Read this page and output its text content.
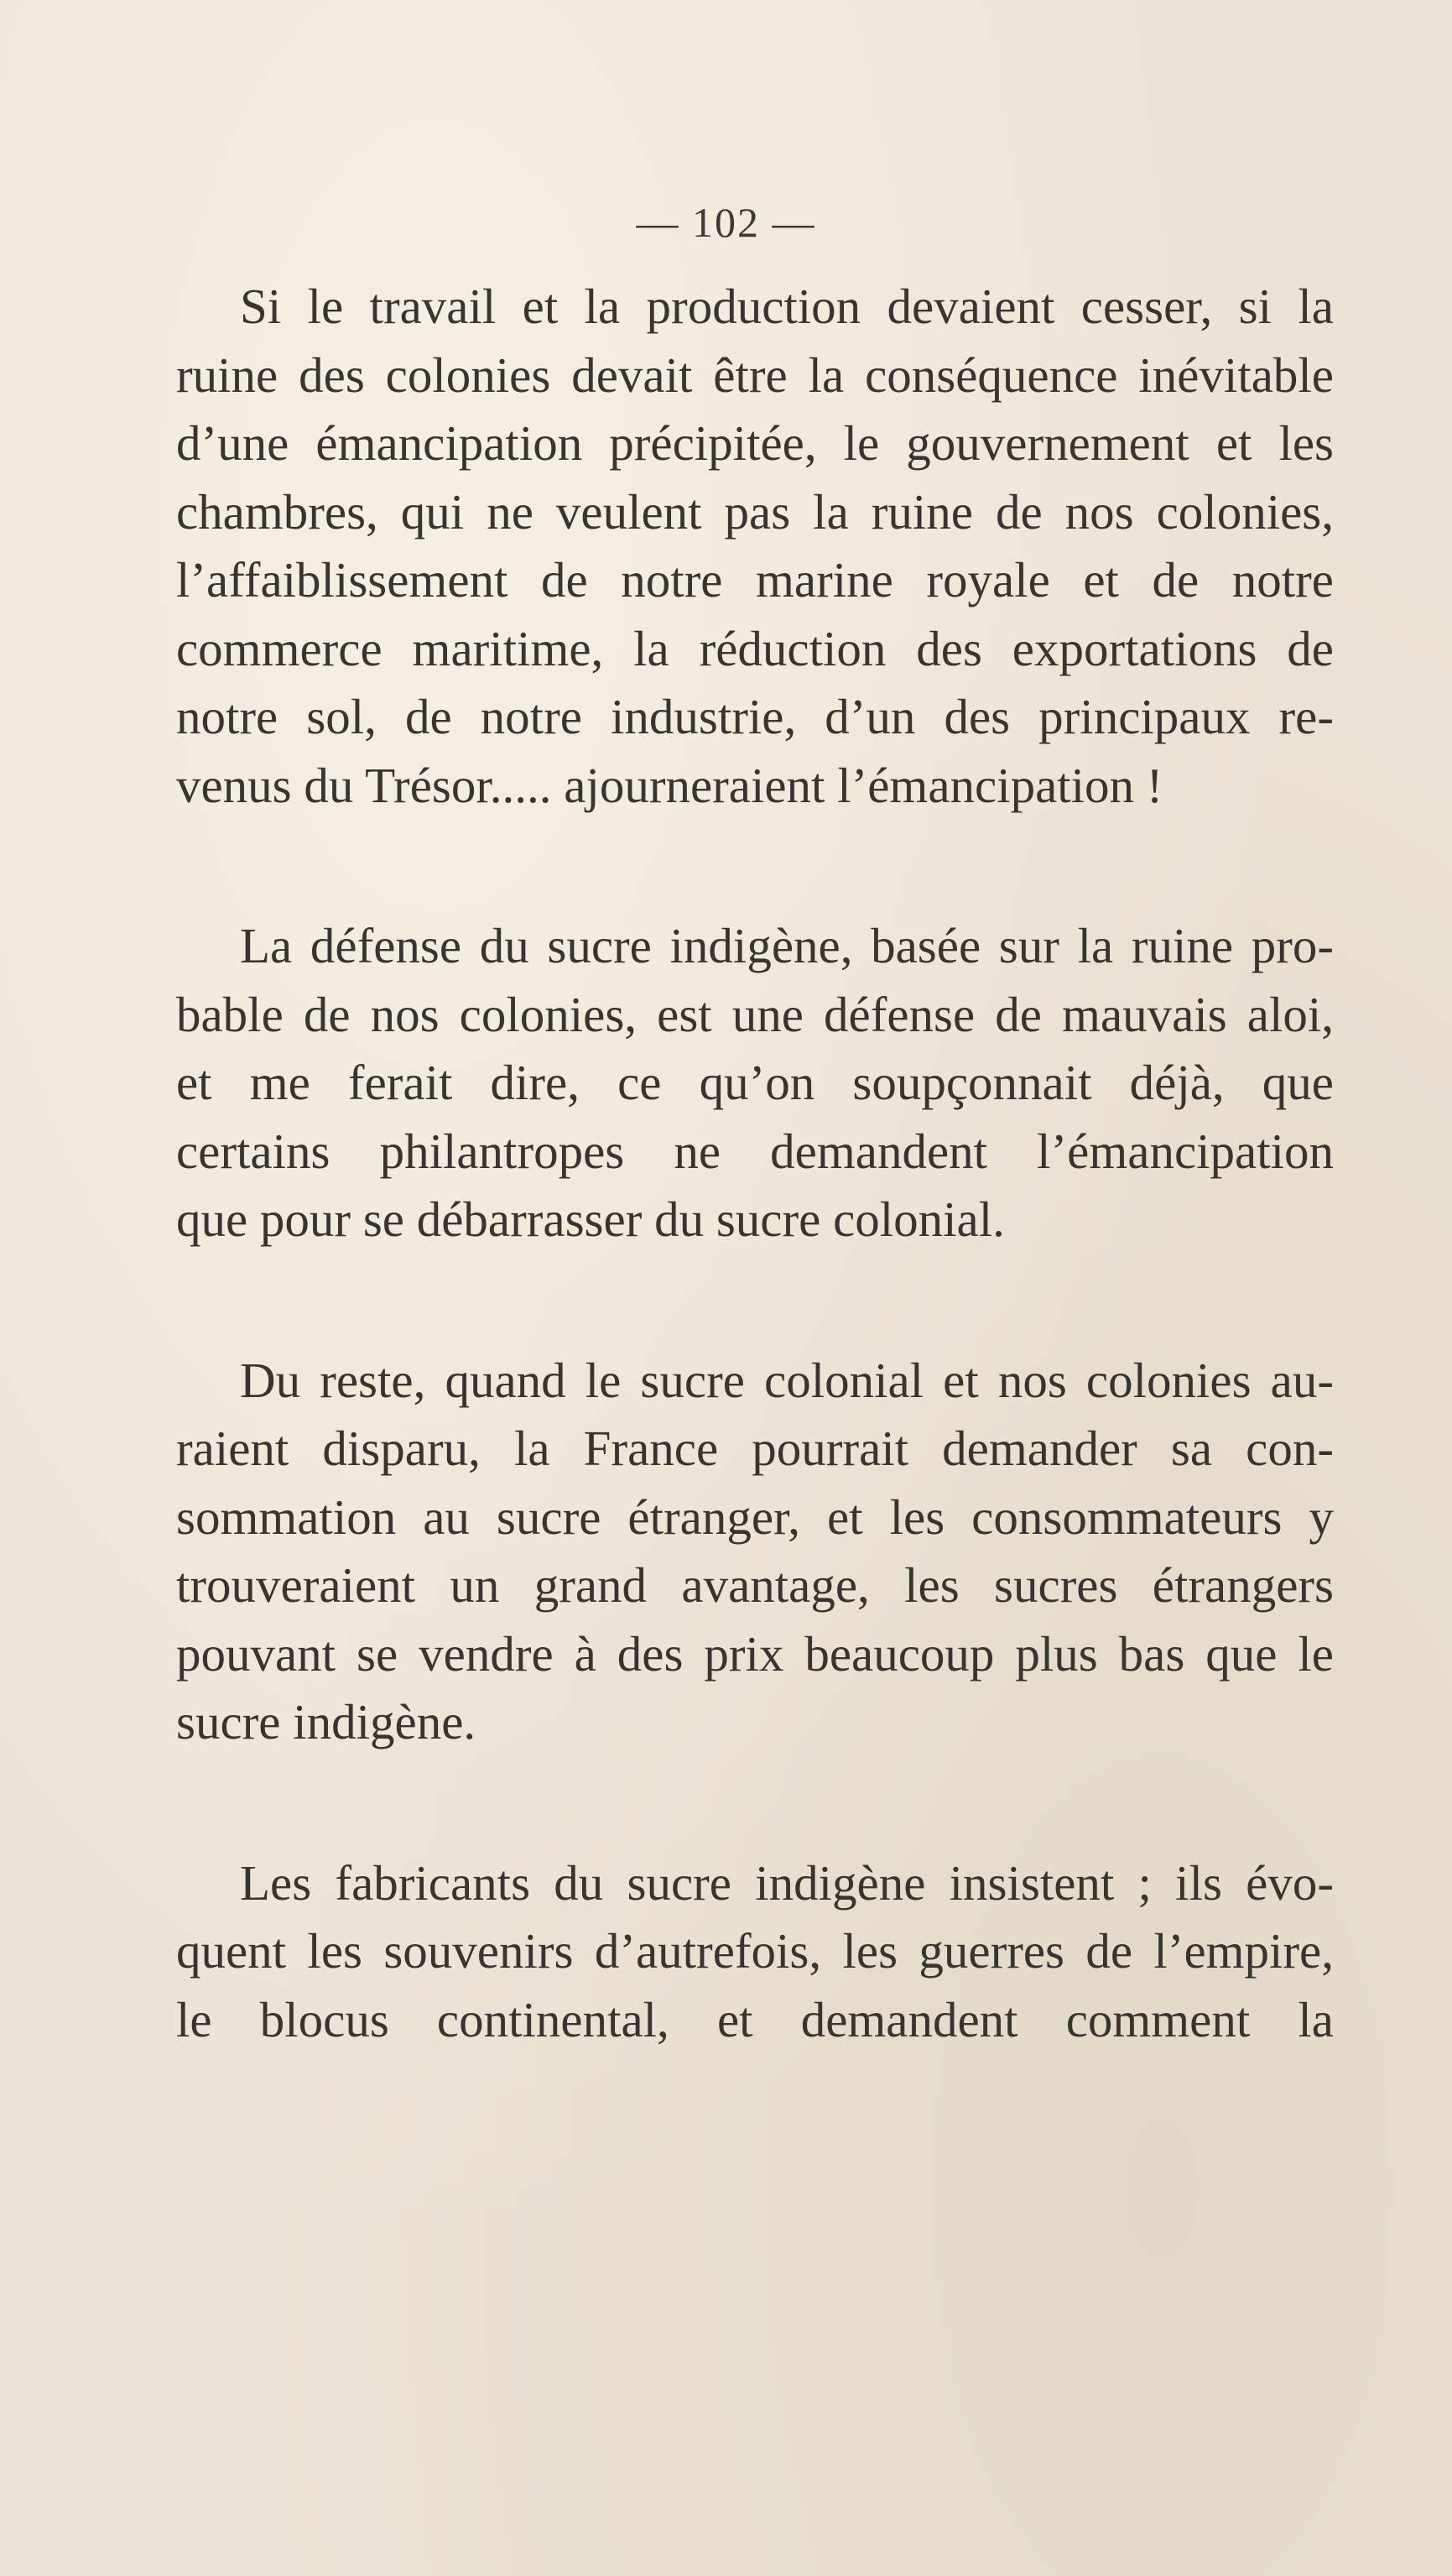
— 102 —

Si le travail et la production devaient cesser, si la
ruine des colonies devait être la conséquence inévitable
d’une émancipation précipitée, le gouvernement et les
chambres, qui ne veulent pas la ruine de nos colonies,
l’affaiblissement de notre marine royale et de notre
commerce maritime, la réduction des exportations de
notre sol, de notre industrie, d’un des principaux re-
venus du Trésor..... ajourneraient l’émancipation !

La défense du sucre indigène, basée sur la ruine pro-
bable de nos colonies, est une défense de mauvais aloi,
et me ferait dire, ce qu’on soupçonnait déjà, que
certains philantropes ne demandent l’émancipation
que pour se débarrasser du sucre colonial.

Du reste, quand le sucre colonial et nos colonies au-
raient disparu, la France pourrait demander sa con-
sommation au sucre étranger, et les consommateurs y
trouveraient un grand avantage, les sucres étrangers
pouvant se vendre à des prix beaucoup plus bas que le
sucre indigène.

Les fabricants du sucre indigène insistent ; ils évo-
quent les souvenirs d’autrefois, les guerres de l’empire,
le blocus continental, et demandent comment la
